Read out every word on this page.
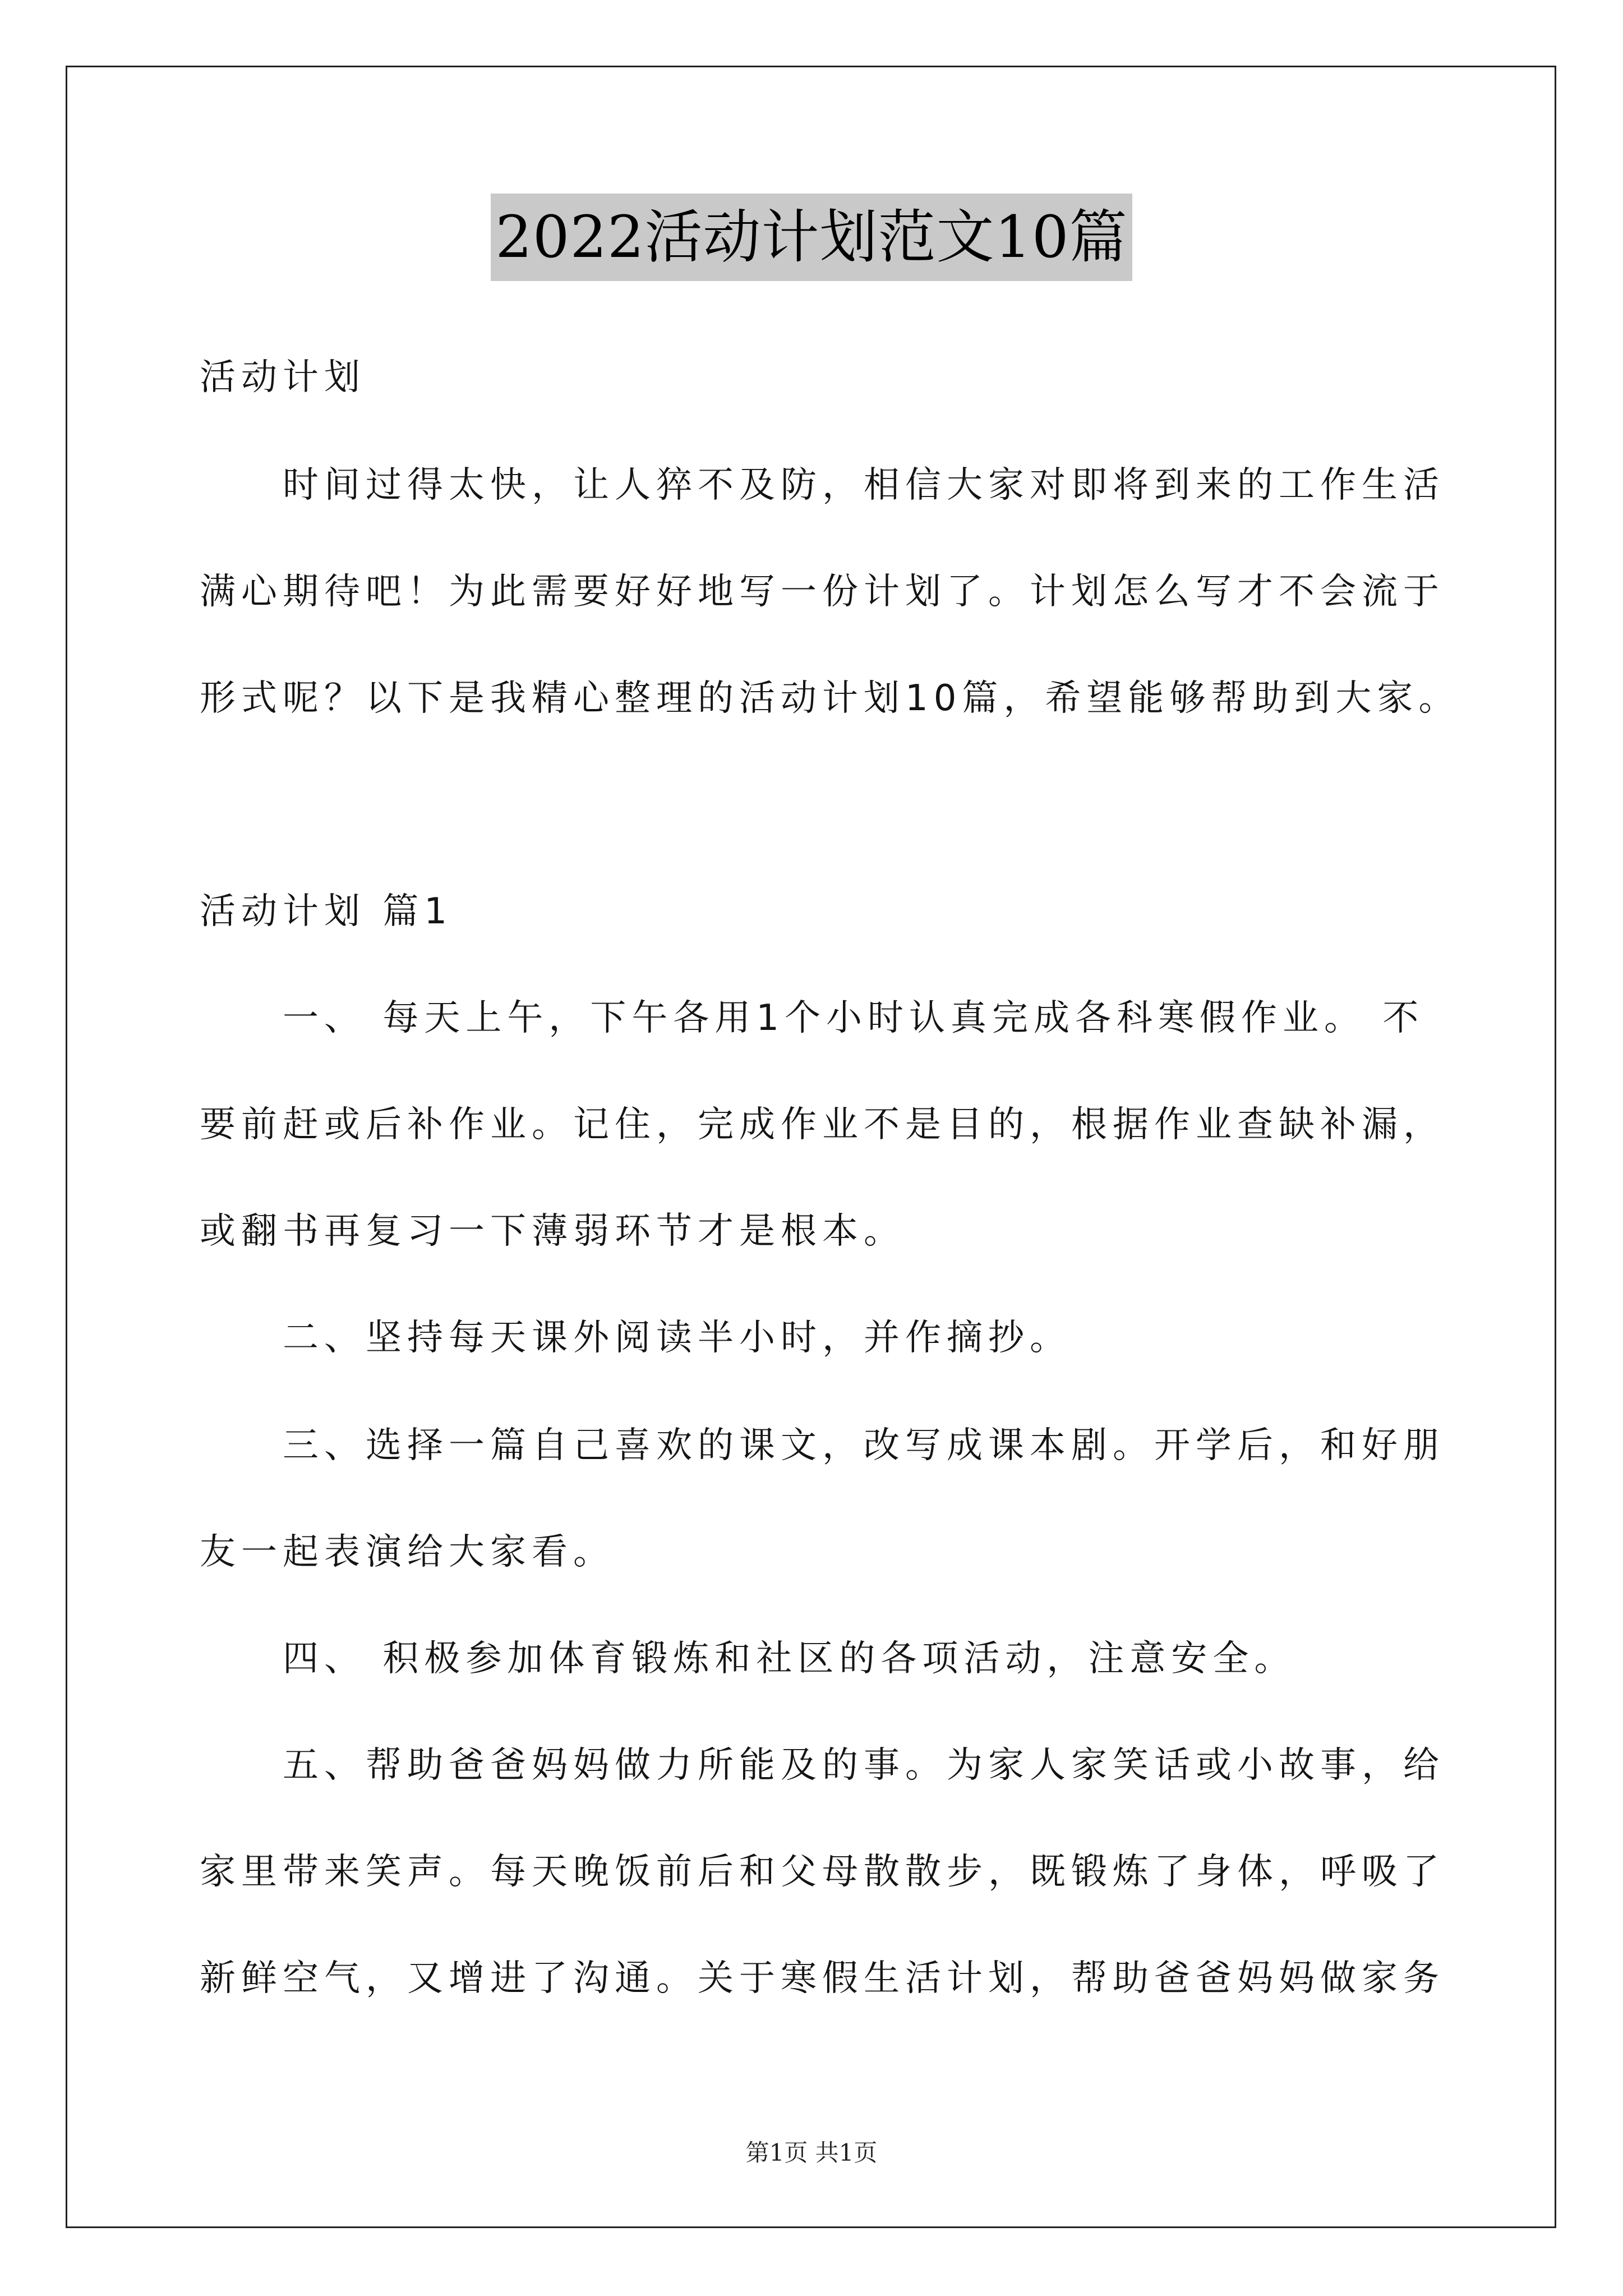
2022活动计划范文10篇
活动计划
时间过得太快，让人猝不及防，相信大家对即将到来的工作生活
满心期待吧！为此需要好好地写一份计划了。计划怎么写才不会流于
形式呢？以下是我精心整理的活动计划10篇，希望能够帮助到大家。
活动计划 篇1
一、 每天上午，下午各用1个小时认真完成各科寒假作业。 不
要前赶或后补作业。记住，完成作业不是目的，根据作业查缺补漏，
或翻书再复习一下薄弱环节才是根本。
二、坚持每天课外阅读半小时，并作摘抄。
三、选择一篇自己喜欢的课文，改写成课本剧。开学后，和好朋
友一起表演给大家看。
四、 积极参加体育锻炼和社区的各项活动，注意安全。
五、帮助爸爸妈妈做力所能及的事。为家人家笑话或小故事，给
家里带来笑声。每天晚饭前后和父母散散步，既锻炼了身体，呼吸了
新鲜空气，又增进了沟通。关于寒假生活计划，帮助爸爸妈妈做家务
第1页 共1页
